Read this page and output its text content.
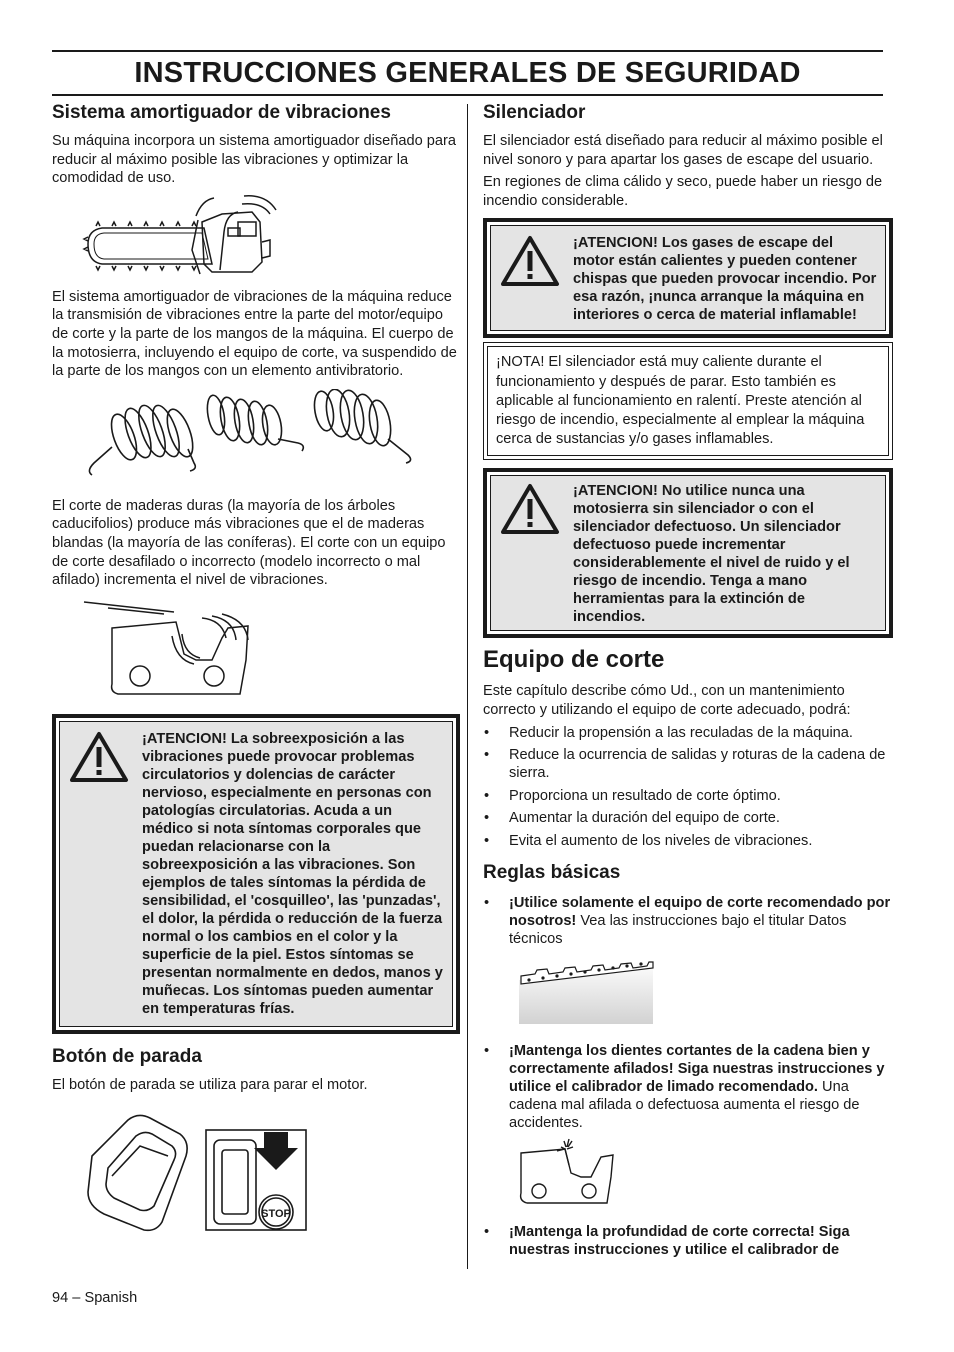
INSTRUCCIONES GENERALES DE SEGURIDAD
Sistema amortiguador de vibraciones

Su máquina incorpora un sistema amortiguador diseñado para reducir al máximo posible las vibraciones y optimizar la comodidad de uso.

El sistema amortiguador de vibraciones de la máquina reduce la transmisión de vibraciones entre la parte del motor/equipo de corte y la parte de los mangos de la máquina. El cuerpo de la motosierra, incluyendo el equipo de corte, va suspendido de la parte de los mangos con un elemento antivibratorio.

El corte de maderas duras (la mayoría de los árboles caducifolios) produce más vibraciones que el de maderas blandas (la mayoría de las coníferas). El corte con un equipo de corte desafilado o incorrecto (modelo incorrecto o mal afilado) incrementa el nivel de vibraciones.

¡ATENCION! La sobreexposición a las vibraciones puede provocar problemas circulatorios y dolencias de carácter nervioso, especialmente en personas con patologías circulatorias. Acuda a un médico si nota síntomas corporales que puedan relacionarse con la sobreexposición a las vibraciones. Son ejemplos de tales síntomas la pérdida de sensibilidad, el 'cosquilleo', las 'punzadas', el dolor, la pérdida o reducción de la fuerza normal o los cambios en el color y la superficie de la piel. Estos síntomas se presentan normalmente en dedos, manos y muñecas. Los síntomas pueden aumentar en temperaturas frías.

Botón de parada

El botón de parada se utiliza para parar el motor.

STOP
Silenciador

El silenciador está diseñado para reducir al máximo posible el nivel sonoro y para apartar los gases de escape del usuario.

En regiones de clima cálido y seco, puede haber un riesgo de incendio considerable.

¡ATENCION! Los gases de escape del motor están calientes y pueden contener chispas que pueden provocar incendio. Por esa razón, ¡nunca arranque la máquina en interiores o cerca de material inflamable!

¡NOTA! El silenciador está muy caliente durante el funcionamiento y después de parar. Esto también es aplicable al funcionamiento en ralentí. Preste atención al riesgo de incendio, especialmente al emplear la máquina cerca de sustancias y/o gases inflamables.

¡ATENCION! No utilice nunca una motosierra sin silenciador o con el silenciador defectuoso. Un silenciador defectuoso puede incrementar considerablemente el nivel de ruido y el riesgo de incendio. Tenga a mano herramientas para la extinción de incendios.

Equipo de corte

Este capítulo describe cómo Ud., con un mantenimiento correcto y utilizando el equipo de corte adecuado, podrá:

• Reducir la propensión a las reculadas de la máquina.
• Reduce la ocurrencia de salidas y roturas de la cadena de sierra.
• Proporciona un resultado de corte óptimo.
• Aumentar la duración del equipo de corte.
• Evita el aumento de los niveles de vibraciones.
Reglas básicas
• ¡Utilice solamente el equipo de corte recomendado por nosotros! Vea las instrucciones bajo el titular Datos técnicos
• ¡Mantenga los dientes cortantes de la cadena bien y correctamente afilados! Siga nuestras instrucciones y utilice el calibrador de limado recomendado. Una cadena mal afilada o defectuosa aumenta el riesgo de accidentes.
• ¡Mantenga la profundidad de corte correcta! Siga nuestras instrucciones y utilice el calibrador de
94 – Spanish
